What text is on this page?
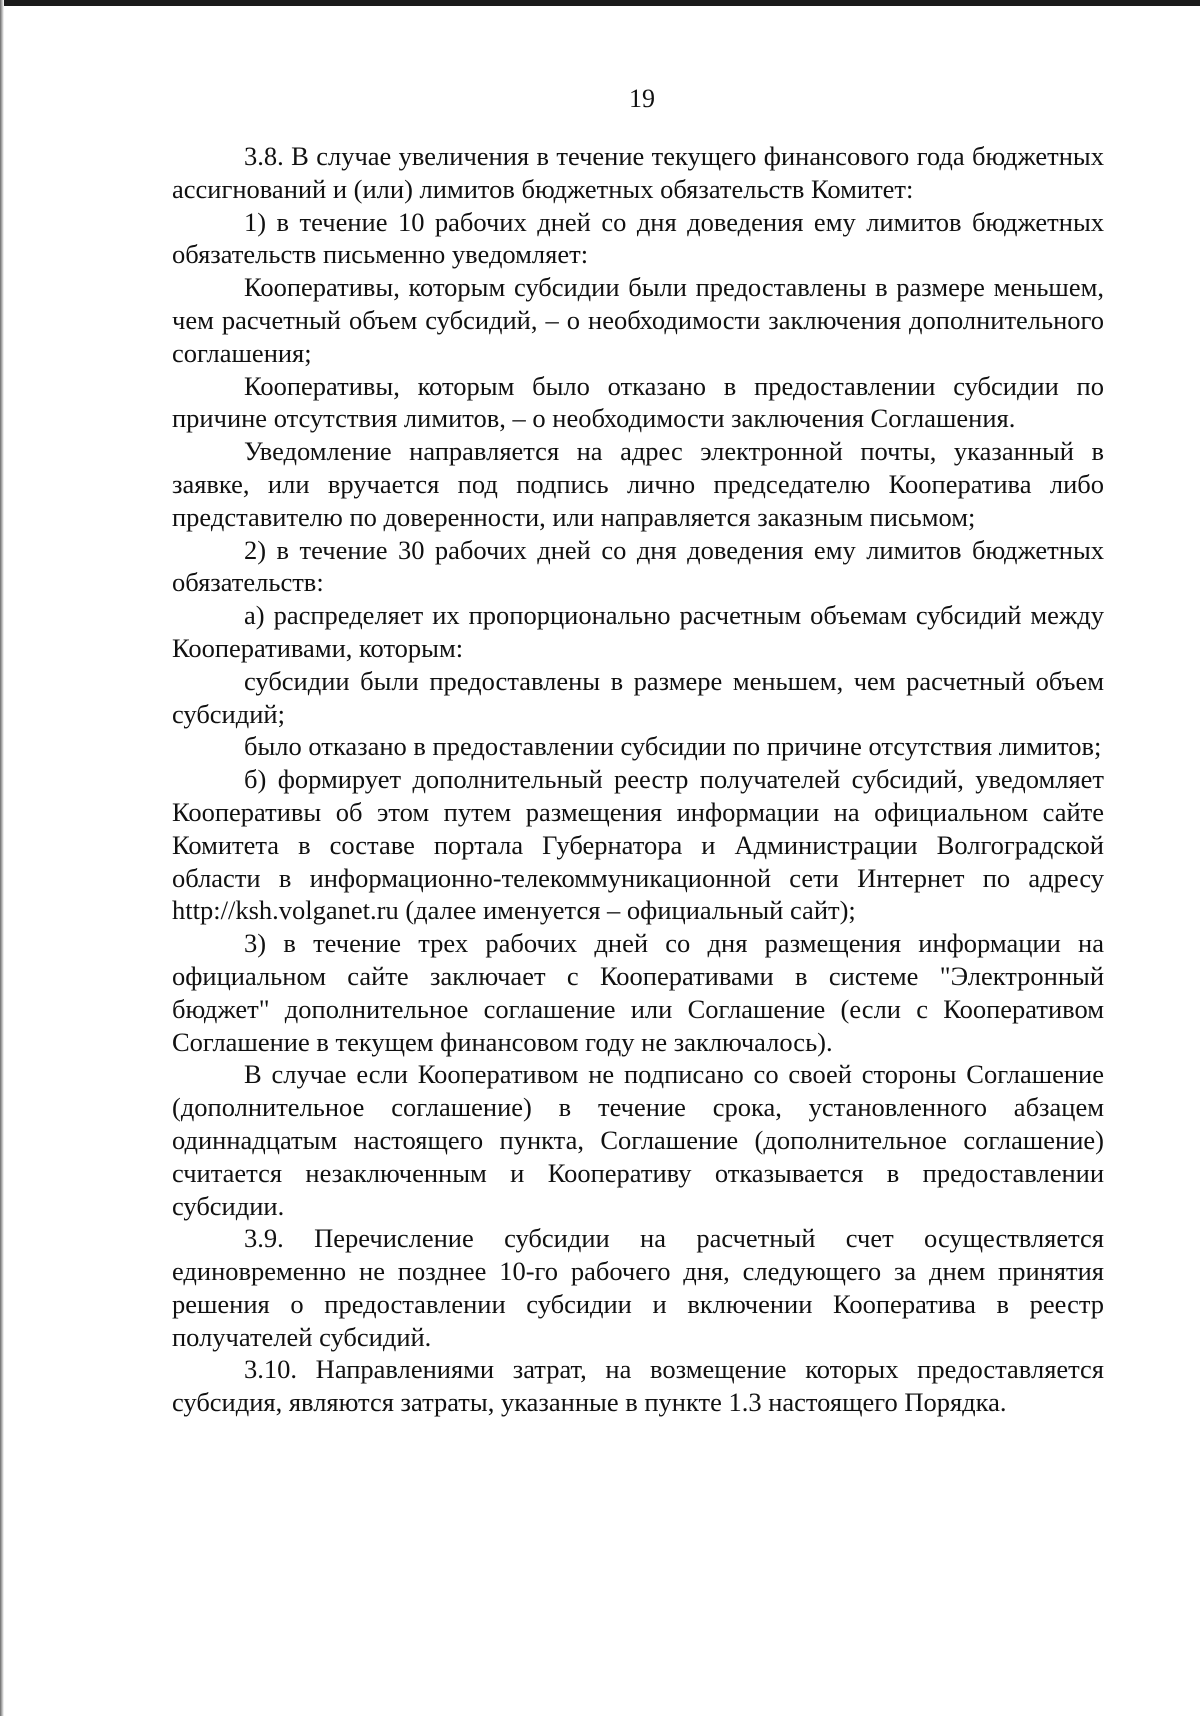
19

3.8. В случае увеличения в течение текущего финансового года бюджетных ассигнований и (или) лимитов бюджетных обязательств Комитет:

1) в течение 10 рабочих дней со дня доведения ему лимитов бюджетных обязательств письменно уведомляет:

Кооперативы, которым субсидии были предоставлены в размере меньшем, чем расчетный объем субсидий, – о необходимости заключения дополнительного соглашения;

Кооперативы, которым было отказано в предоставлении субсидии по причине отсутствия лимитов, – о необходимости заключения Соглашения.

Уведомление направляется на адрес электронной почты, указанный в заявке, или вручается под подпись лично председателю Кооператива либо представителю по доверенности, или направляется заказным письмом;

2) в течение 30 рабочих дней со дня доведения ему лимитов бюджетных обязательств:

а) распределяет их пропорционально расчетным объемам субсидий между Кооперативами, которым:

субсидии были предоставлены в размере меньшем, чем расчетный объем субсидий;

было отказано в предоставлении субсидии по причине отсутствия лимитов;

б) формирует дополнительный реестр получателей субсидий, уведомляет Кооперативы об этом путем размещения информации на официальном сайте Комитета в составе портала Губернатора и Администрации Волгоградской области в информационно-телекоммуникационной сети Интернет по адресу http://ksh.volganet.ru (далее именуется – официальный сайт);

3) в течение трех рабочих дней со дня размещения информации на официальном сайте заключает с Кооперативами в системе "Электронный бюджет" дополнительное соглашение или Соглашение (если с Кооперативом Соглашение в текущем финансовом году не заключалось).

В случае если Кооперативом не подписано со своей стороны Соглашение (дополнительное соглашение) в течение срока, установленного абзацем одиннадцатым настоящего пункта, Соглашение (дополнительное соглашение) считается незаключенным и Кооперативу отказывается в предоставлении субсидии.

3.9. Перечисление субсидии на расчетный счет осуществляется единовременно не позднее 10-го рабочего дня, следующего за днем принятия решения о предоставлении субсидии и включении Кооператива в реестр получателей субсидий.

3.10. Направлениями затрат, на возмещение которых предоставляется субсидия, являются затраты, указанные в пункте 1.3 настоящего Порядка.
